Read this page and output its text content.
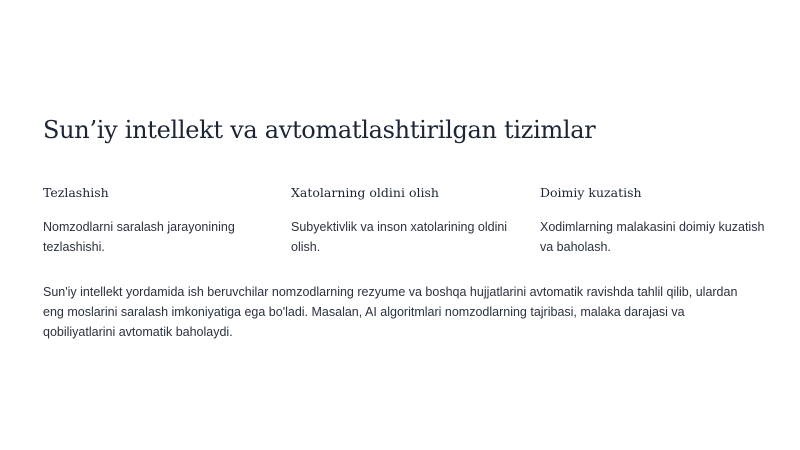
Sun’iy intellekt va avtomatlashtirilgan tizimlar
Tezlashish

Nomzodlarni saralash jarayonining tezlashishi.

Xatolarning oldini olish

Subyektivlik va inson xatolarining oldini olish.

Doimiy kuzatish

Xodimlarning malakasini doimiy kuzatish va baholash.

Sun'iy intellekt yordamida ish beruvchilar nomzodlarning rezyume va boshqa hujjatlarini avtomatik ravishda tahlil qilib, ulardan eng moslarini saralash imkoniyatiga ega bo'ladi. Masalan, AI algoritmlari nomzodlarning tajribasi, malaka darajasi va qobiliyatlarini avtomatik baholaydi.
